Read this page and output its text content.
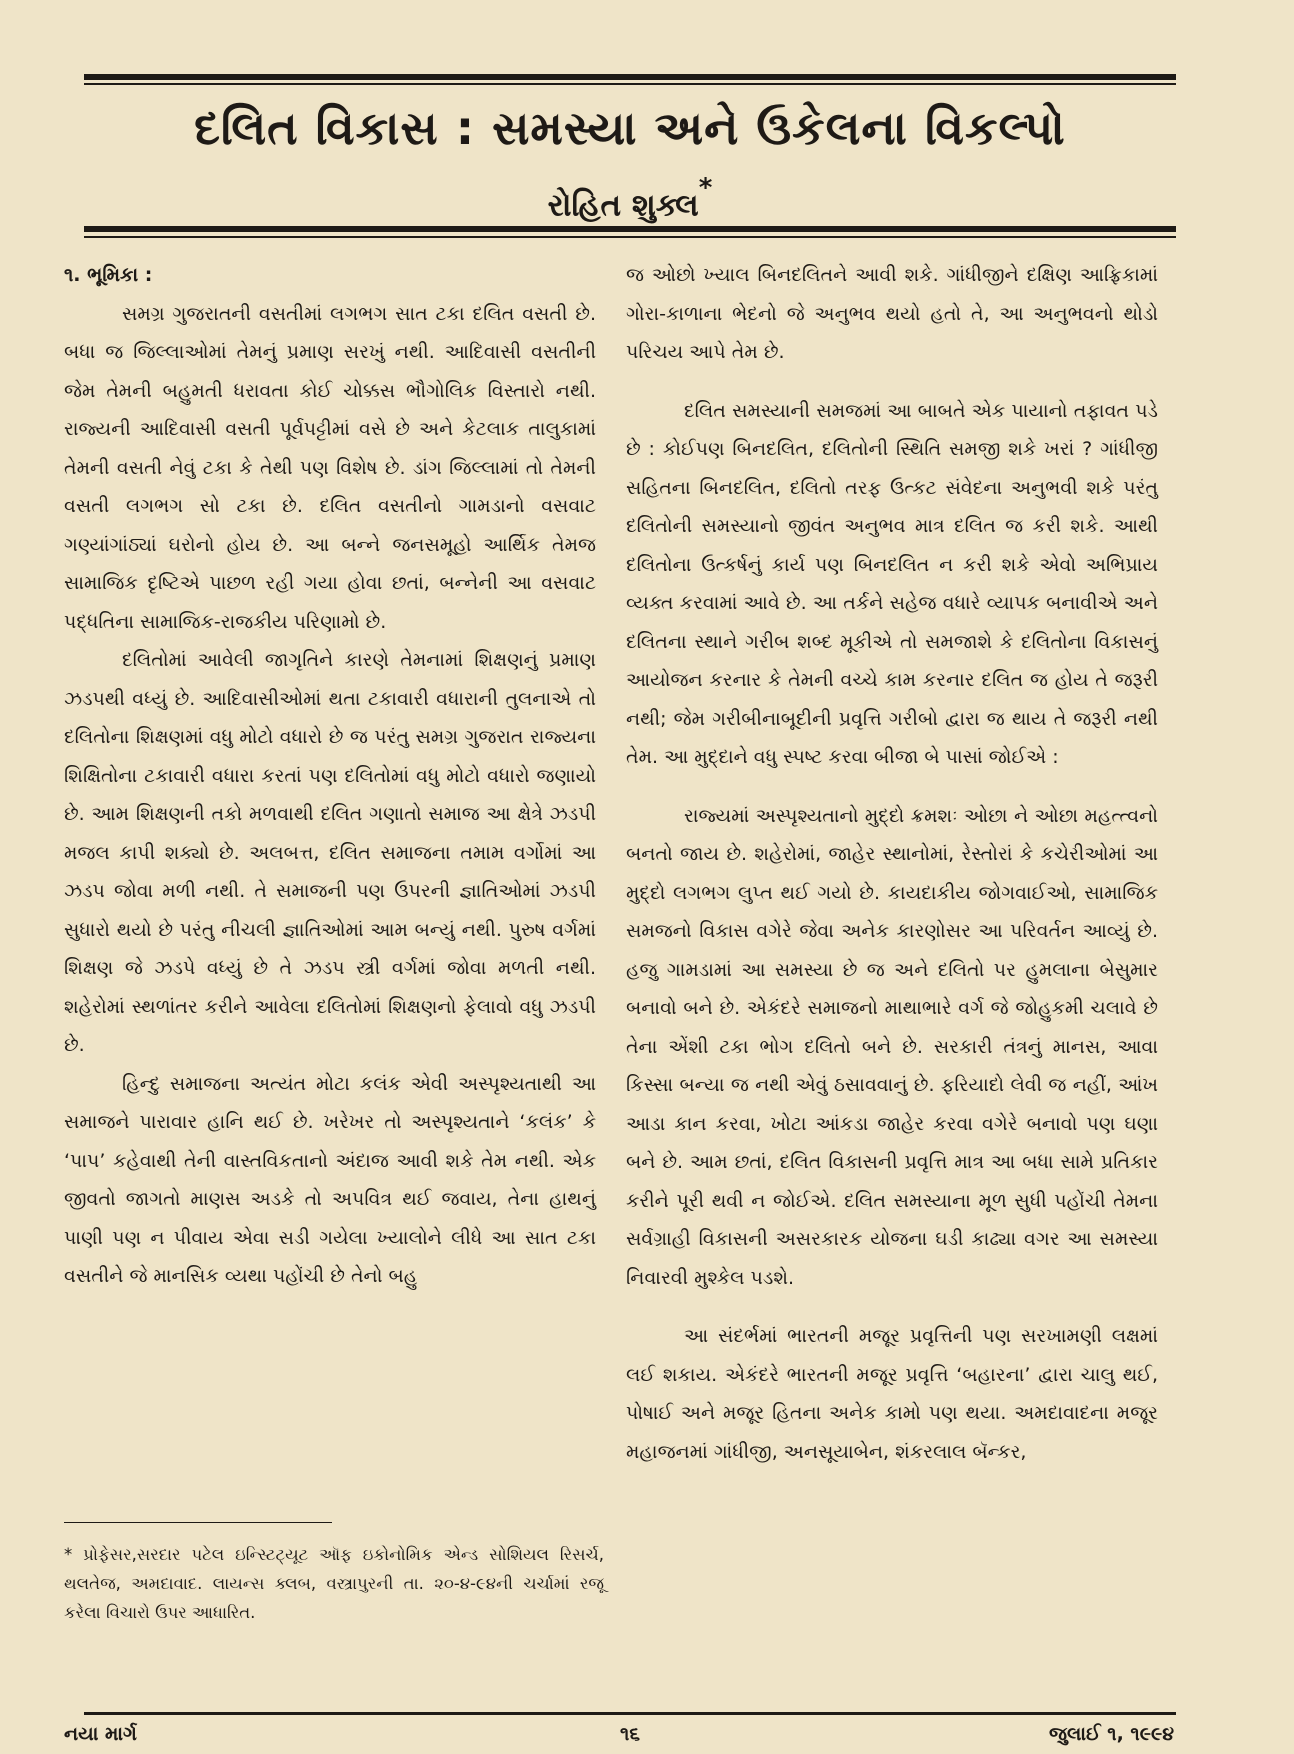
દલિત વિકાસ : સમસ્યા અને ઉકેલના વિકલ્પો
રોહિત શુક્લ*

૧. ભૂમિકા :

સમગ્ર ગુજરાતની વસતીમાં લગભગ સાત ટકા દલિત વસતી છે. બધા જ જિલ્લાઓમાં તેમનું પ્રમાણ સરખું નથી. આદિવાસી વસતીની જેમ તેમની બહુમતી ધરાવતા કોઈ ચોક્કસ ભૌગોલિક વિસ્તારો નથી. રાજ્યની આદિવાસી વસતી પૂર્વપટ્ટીમાં વસે છે અને કેટલાક તાલુકામાં તેમની વસતી નેવું ટકા કે તેથી પણ વિશેષ છે. ડાંગ જિલ્લામાં તો તેમની વસતી લગભગ સો ટકા છે. દલિત વસતીનો ગામડાનો વસવાટ ગણ્યાંગાંઠ્યાં ઘરોનો હોય છે. આ બન્ને જનસમૂહો આર્થિક તેમજ સામાજિક દૃષ્ટિએ પાછળ રહી ગયા હોવા છતાં, બન્નેની આ વસવાટ પદ્ધતિના સામાજિક-રાજકીય પરિણામો છે.

દલિતોમાં આવેલી જાગૃતિને કારણે તેમનામાં શિક્ષણનું પ્રમાણ ઝડપથી વધ્યું છે. આદિવાસીઓમાં થતા ટકાવારી વધારાની તુલનાએ તો દલિતોના શિક્ષણમાં વધુ મોટો વધારો છે જ પરંતુ સમગ્ર ગુજરાત રાજ્યના શિક્ષિતોના ટકાવારી વધારા કરતાં પણ દલિતોમાં વધુ મોટો વધારો જણાયો છે. આમ શિક્ષણની તકો મળવાથી દલિત ગણાતો સમાજ આ ક્ષેત્રે ઝડપી મજલ કાપી શક્યો છે. અલબત્ત, દલિત સમાજના તમામ વર્ગોમાં આ ઝડપ જોવા મળી નથી. તે સમાજની પણ ઉપરની જ્ઞાતિઓમાં ઝડપી સુધારો થયો છે પરંતુ નીચલી જ્ઞાતિઓમાં આમ બન્યું નથી. પુરુષ વર્ગમાં શિક્ષણ જે ઝડપે વધ્યું છે તે ઝડપ સ્ત્રી વર્ગમાં જોવા મળતી નથી. શહેરોમાં સ્થળાંતર કરીને આવેલા દલિતોમાં શિક્ષણનો ફેલાવો વધુ ઝડપી છે.

હિન્દુ સમાજના અત્યંત મોટા કલંક એવી અસ્પૃશ્યતાથી આ સમાજને પારાવાર હાનિ થઈ છે. ખરેખર તો અસ્પૃશ્યતાને ‘કલંક’ કે ‘પાપ’ કહેવાથી તેની વાસ્તવિકતાનો અંદાજ આવી શકે તેમ નથી. એક જીવતો જાગતો માણસ અડકે તો અપવિત્ર થઈ જવાય, તેના હાથનું પાણી પણ ન પીવાય એવા સડી ગયેલા ખ્યાલોને લીધે આ સાત ટકા વસતીને જે માનસિક વ્યથા પહોંચી છે તેનો બહુ

જ ઓછો ખ્યાલ બિનદલિતને આવી શકે. ગાંધીજીને દક્ષિણ આફ્રિકામાં ગોરા-કાળાના ભેદનો જે અનુભવ થયો હતો તે, આ અનુભવનો થોડો પરિચય આપે તેમ છે.

દલિત સમસ્યાની સમજમાં આ બાબતે એક પાયાનો તફાવત પડે છે : કોઈપણ બિનદલિત, દલિતોની સ્થિતિ સમજી શકે ખરાં ? ગાંધીજી સહિતના બિનદલિત, દલિતો તરફ ઉત્કટ સંવેદના અનુભવી શકે પરંતુ દલિતોની સમસ્યાનો જીવંત અનુભવ માત્ર દલિત જ કરી શકે. આથી દલિતોના ઉત્કર્ષનું કાર્ય પણ બિનદલિત ન કરી શકે એવો અભિપ્રાય વ્યક્ત કરવામાં આવે છે. આ તર્કને સહેજ વધારે વ્યાપક બનાવીએ અને દલિતના સ્થાને ગરીબ શબ્દ મૂકીએ તો સમજાશે કે દલિતોના વિકાસનું આયોજન કરનાર કે તેમની વચ્ચે કામ કરનાર દલિત જ હોય તે જરૂરી નથી; જેમ ગરીબીનાબૂદીની પ્રવૃત્તિ ગરીબો દ્વારા જ થાય તે જરૂરી નથી તેમ. આ મુદ્દાને વધુ સ્પષ્ટ કરવા બીજા બે પાસાં જોઈએ :

રાજ્યમાં અસ્પૃશ્યતાનો મુદ્દો ક્રમશઃ ઓછા ને ઓછા મહત્ત્વનો બનતો જાય છે. શહેરોમાં, જાહેર સ્થાનોમાં, રેસ્તોરાં કે કચેરીઓમાં આ મુદ્દો લગભગ લુપ્ત થઈ ગયો છે. કાયદાકીય જોગવાઈઓ, સામાજિક સમજનો વિકાસ વગેરે જેવા અનેક કારણોસર આ પરિવર્તન આવ્યું છે. હજુ ગામડામાં આ સમસ્યા છે જ અને દલિતો પર હુમલાના બેસુમાર બનાવો બને છે. એકંદરે સમાજનો માથાભારે વર્ગ જે જોહુકમી ચલાવે છે તેના એંશી ટકા ભોગ દલિતો બને છે. સરકારી તંત્રનું માનસ, આવા કિસ્સા બન્યા જ નથી એવું ઠસાવવાનું છે. ફરિયાદો લેવી જ નહીં, આંખ આડા કાન કરવા, ખોટા આંકડા જાહેર કરવા વગેરે બનાવો પણ ઘણા બને છે. આમ છતાં, દલિત વિકાસની પ્રવૃત્તિ માત્ર આ બધા સામે પ્રતિકાર કરીને પૂરી થવી ન જોઈએ. દલિત સમસ્યાના મૂળ સુધી પહોંચી તેમના સર્વગ્રાહી વિકાસની અસરકારક યોજના ઘડી કાઢ્યા વગર આ સમસ્યા નિવારવી મુશ્કેલ પડશે.

આ સંદર્ભમાં ભારતની મજૂર પ્રવૃત્તિની પણ સરખામણી લક્ષમાં લઈ શકાય. એકંદરે ભારતની મજૂર પ્રવૃત્તિ ‘બહારના’ દ્વારા ચાલુ થઈ, પોષાઈ અને મજૂર હિતના અનેક કામો પણ થયા. અમદાવાદના મજૂર મહાજનમાં ગાંધીજી, અનસૂયાબેન, શંકરલાલ બૅન્કર,

* પ્રોફેસર,સરદાર પટેલ ઇન્સ્ટિટ્યૂટ ઑફ ઇકોનોમિક એન્ડ સોશિયલ રિસર્ચ, થલતેજ, અમદાવાદ. લાયન્સ ક્લબ, વસ્ત્રાપુરની તા. ૨૦-૪-૯૪ની ચર્ચામાં રજૂ કરેલા વિચારો ઉપર આધારિત.
નયા માર્ગ	૧૬	જુલાઈ ૧, ૧૯૯૪
